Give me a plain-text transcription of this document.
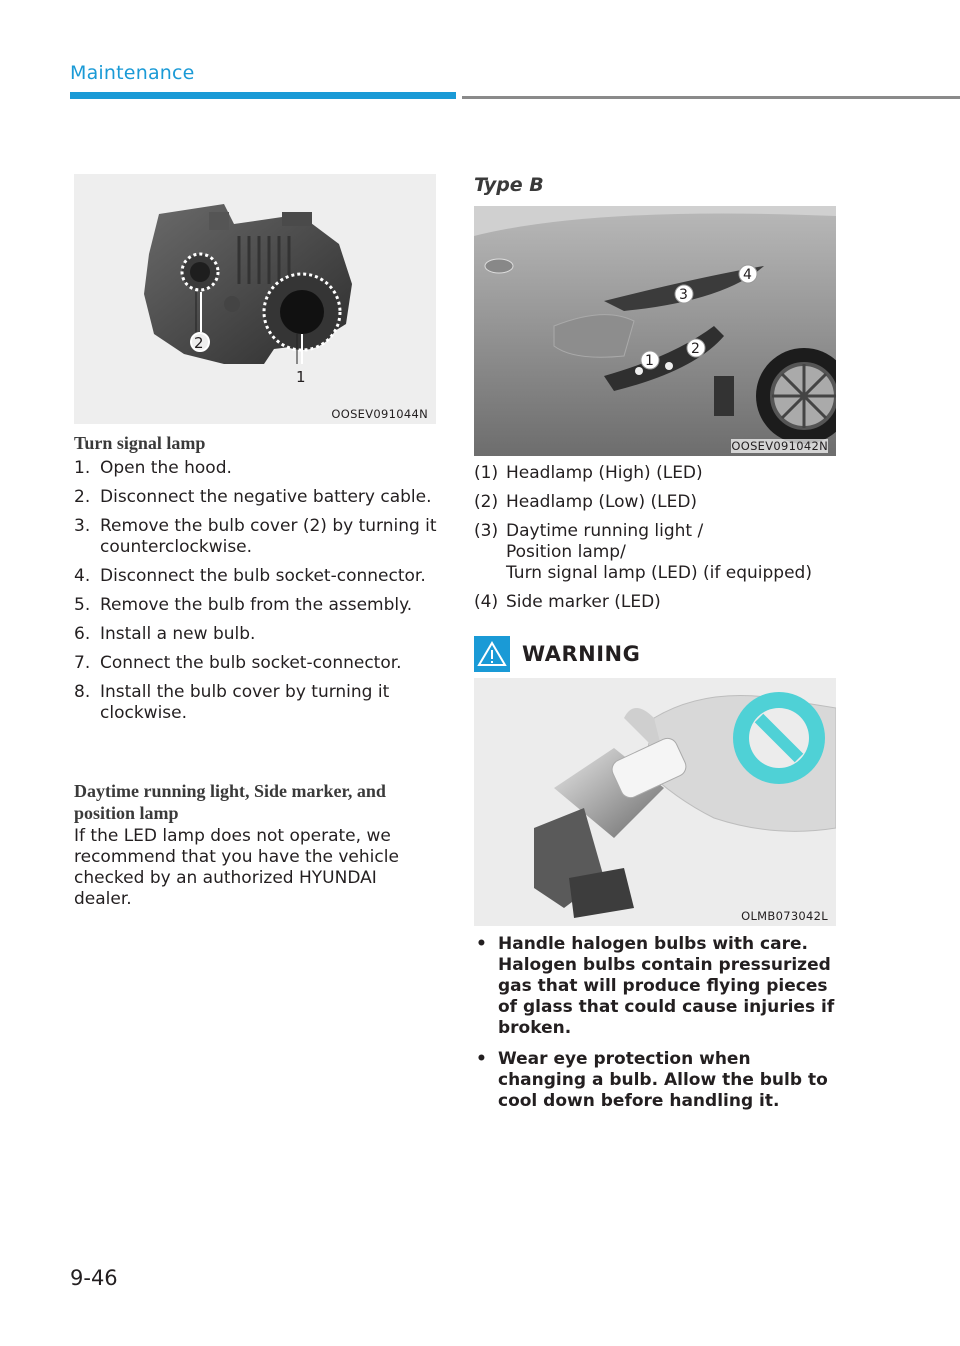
Maintenance
1
2
OOSEV091044N
Turn signal lamp
1. Open the hood.
2. Disconnect the negative battery cable.
3. Remove the bulb cover (2) by turning it counterclockwise.
4. Disconnect the bulb socket-connector.
5. Remove the bulb from the assembly.
6. Install a new bulb.
7. Connect the bulb socket-connector.
8. Install the bulb cover by turning it clockwise.
Daytime running light, Side marker, and position lamp

If the LED lamp does not operate, we recommend that you have the vehicle checked by an authorized HYUNDAI dealer.

Type B
1
2
3
4
OOSEV091042N
(1) Headlamp (High) (LED)
(2) Headlamp (Low) (LED)
(3) Daytime running light /
Position lamp/
Turn signal lamp (LED) (if equipped)
(4) Side marker (LED)
WARNING
OLMB073042L
• Handle halogen bulbs with care. Halogen bulbs contain pressurized gas that will produce flying pieces of glass that could cause injuries if broken.
• Wear eye protection when changing a bulb. Allow the bulb to cool down before handling it.
9-46
